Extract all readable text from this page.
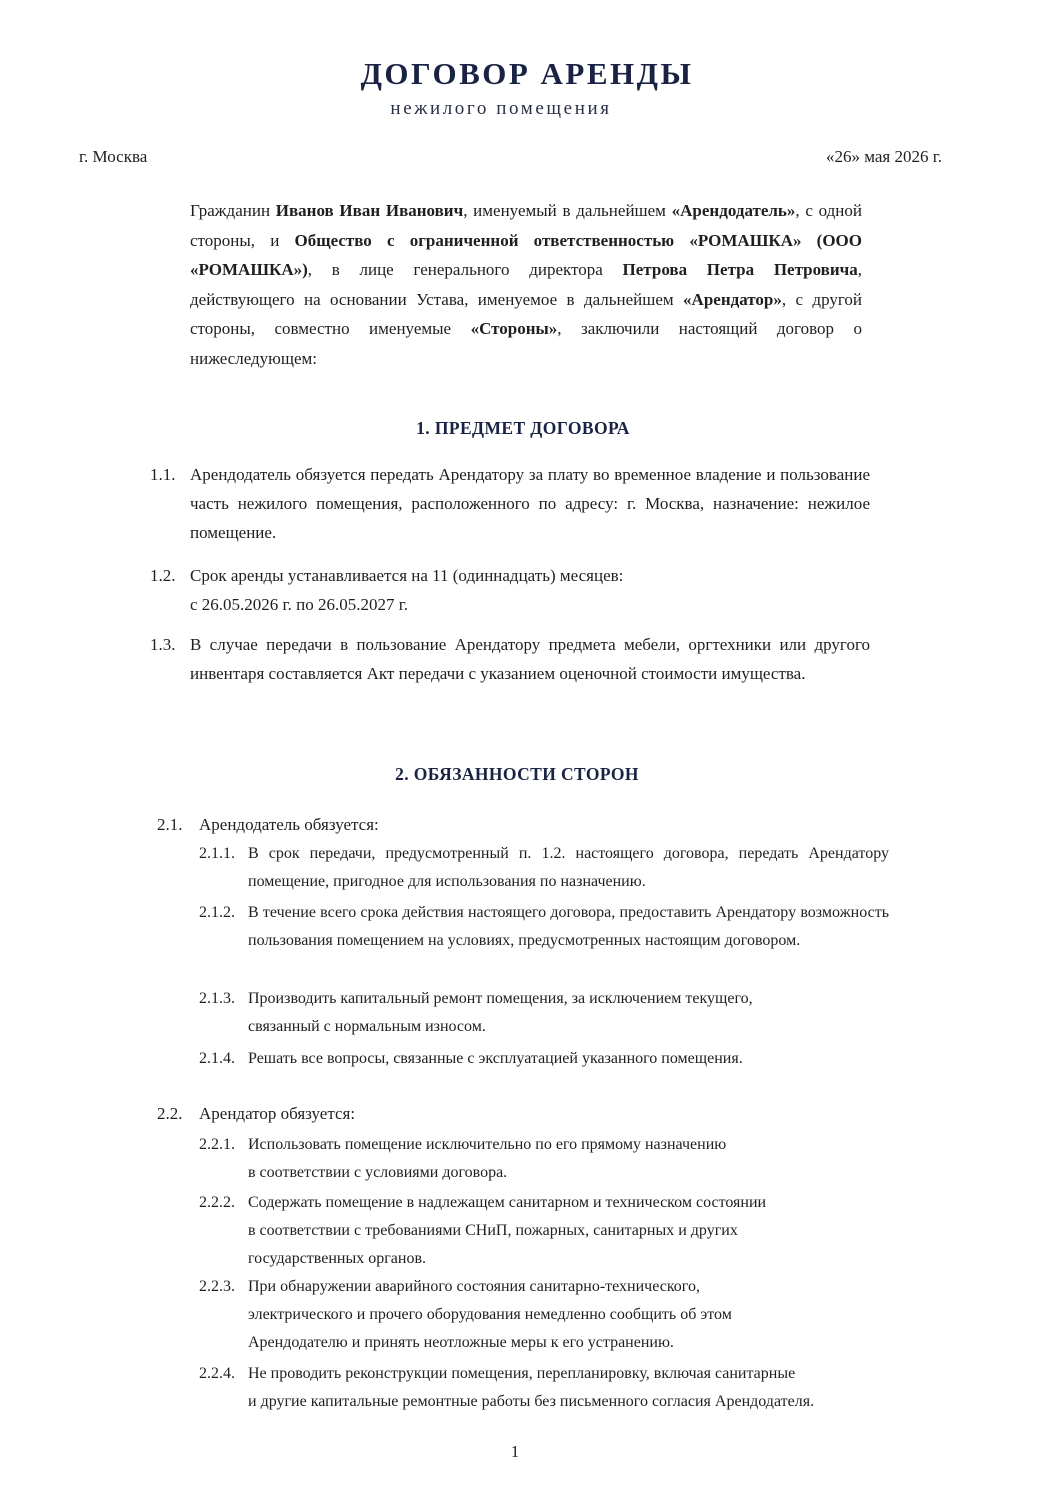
ДОГОВОР АРЕНДЫ
нежилого помещения
г. Москва	«26» мая 2026 г.
Гражданин Иванов Иван Иванович, именуемый в дальнейшем «Арендодатель», с одной стороны, и Общество с ограниченной ответственностью «РОМАШКА» (ООО «РОМАШКА»), в лице генерального директора Петрова Петра Петровича, действующего на основании Устава, именуемое в дальнейшем «Арендатор», с другой стороны, совместно именуемые «Стороны», заключили настоящий договор о нижеследующем:
1. ПРЕДМЕТ ДОГОВОРА
1.1. Арендодатель обязуется передать Арендатору за плату во временное владение и пользование часть нежилого помещения, расположенного по адресу: г. Москва, назначение: нежилое помещение.
1.2. Срок аренды устанавливается на 11 (одиннадцать) месяцев:
с 26.05.2026 г. по 26.05.2027 г.
1.3. В случае передачи в пользование Арендатору предмета мебели, оргтехники или другого инвентаря составляется Акт передачи с указанием оценочной стоимости имущества.
2. ОБЯЗАННОСТИ СТОРОН
2.1. Арендодатель обязуется:
2.1.1. В срок передачи, предусмотренный п. 1.2. настоящего договора, передать Арендатору помещение, пригодное для использования по назначению.
2.1.2. В течение всего срока действия настоящего договора, предоставить Арендатору возможность пользования помещением на условиях, предусмотренных настоящим договором.
2.1.3. Производить капитальный ремонт помещения, за исключением текущего,
связанный с нормальным износом.
2.1.4. Решать все вопросы, связанные с эксплуатацией указанного помещения.
2.2. Арендатор обязуется:
2.2.1. Использовать помещение исключительно по его прямому назначению
в соответствии с условиями договора.
2.2.2. Содержать помещение в надлежащем санитарном и техническом состоянии
в соответствии с требованиями СНиП, пожарных, санитарных и других
государственных органов.
2.2.3. При обнаружении аварийного состояния санитарно-технического,
электрического и прочего оборудования немедленно сообщить об этом
Арендодателю и принять неотложные меры к его устранению.
2.2.4. Не проводить реконструкции помещения, перепланировку, включая санитарные
и другие капитальные ремонтные работы без письменного согласия Арендодателя.
1
